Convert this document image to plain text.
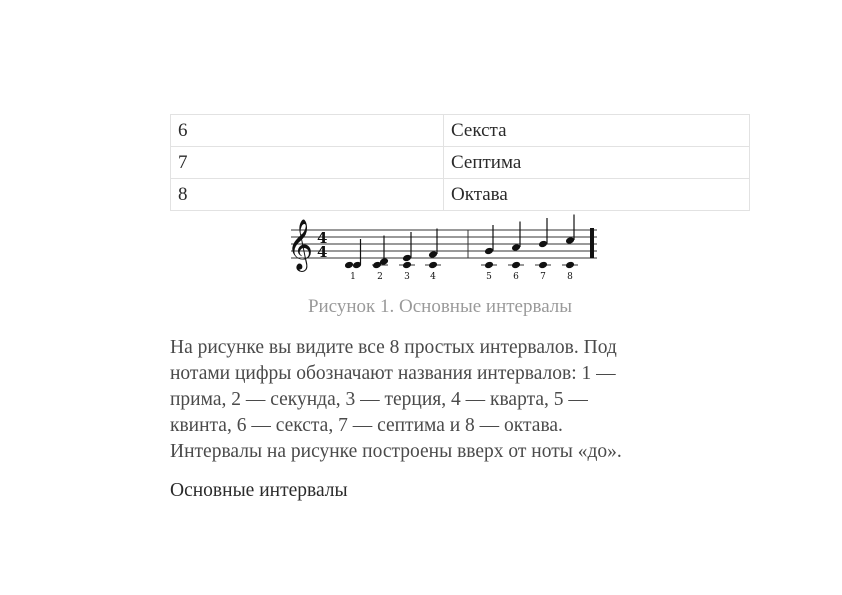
6	Секста
7	Септима
8	Октава
𝄞 4
4
1 2 3 4	5 6 7 8
Рисунок 1. Основные интервалы
На рисунке вы видите все 8 простых интервалов. Под
нотами цифры обозначают названия интервалов: 1 —
прима, 2 — секунда, 3 — терция, 4 — кварта, 5 —
квинта, 6 — секста, 7 — септима и 8 — октава.
Интервалы на рисунке построены вверх от ноты «до».
Основные интервалы
